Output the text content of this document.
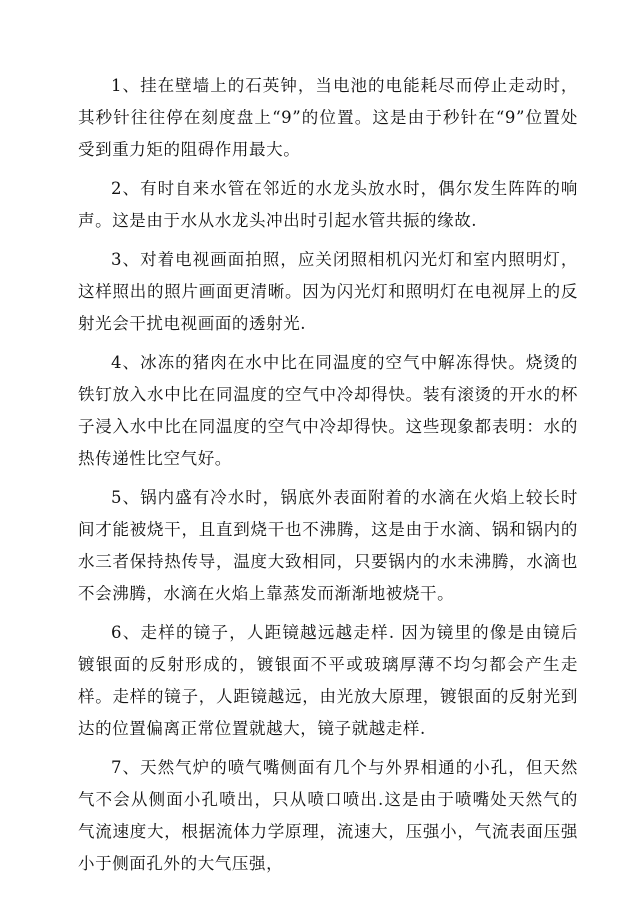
1、挂在壁墙上的石英钟，当电池的电能耗尽而停止走动时，其秒针往往停在刻度盘上“9”的位置。这是由于秒针在“9”位置处受到重力矩的阻碍作用最大。

2、有时自来水管在邻近的水龙头放水时，偶尔发生阵阵的响声。这是由于水从水龙头冲出时引起水管共振的缘故.

3、对着电视画面拍照，应关闭照相机闪光灯和室内照明灯，这样照出的照片画面更清晰。因为闪光灯和照明灯在电视屏上的反射光会干扰电视画面的透射光.

4、冰冻的猪肉在水中比在同温度的空气中解冻得快。烧烫的铁钉放入水中比在同温度的空气中冷却得快。装有滚烫的开水的杯子浸入水中比在同温度的空气中冷却得快。这些现象都表明：水的热传递性比空气好。

5、锅内盛有冷水时，锅底外表面附着的水滴在火焰上较长时间才能被烧干，且直到烧干也不沸腾，这是由于水滴、锅和锅内的水三者保持热传导，温度大致相同，只要锅内的水未沸腾，水滴也不会沸腾，水滴在火焰上靠蒸发而渐渐地被烧干。

6、走样的镜子，人距镜越远越走样. 因为镜里的像是由镜后镀银面的反射形成的，镀银面不平或玻璃厚薄不均匀都会产生走样。走样的镜子，人距镜越远，由光放大原理，镀银面的反射光到达的位置偏离正常位置就越大，镜子就越走样.

7、天然气炉的喷气嘴侧面有几个与外界相通的小孔，但天然气不会从侧面小孔喷出，只从喷口喷出.这是由于喷嘴处天然气的气流速度大，根据流体力学原理，流速大，压强小，气流表面压强小于侧面孔外的大气压强，
